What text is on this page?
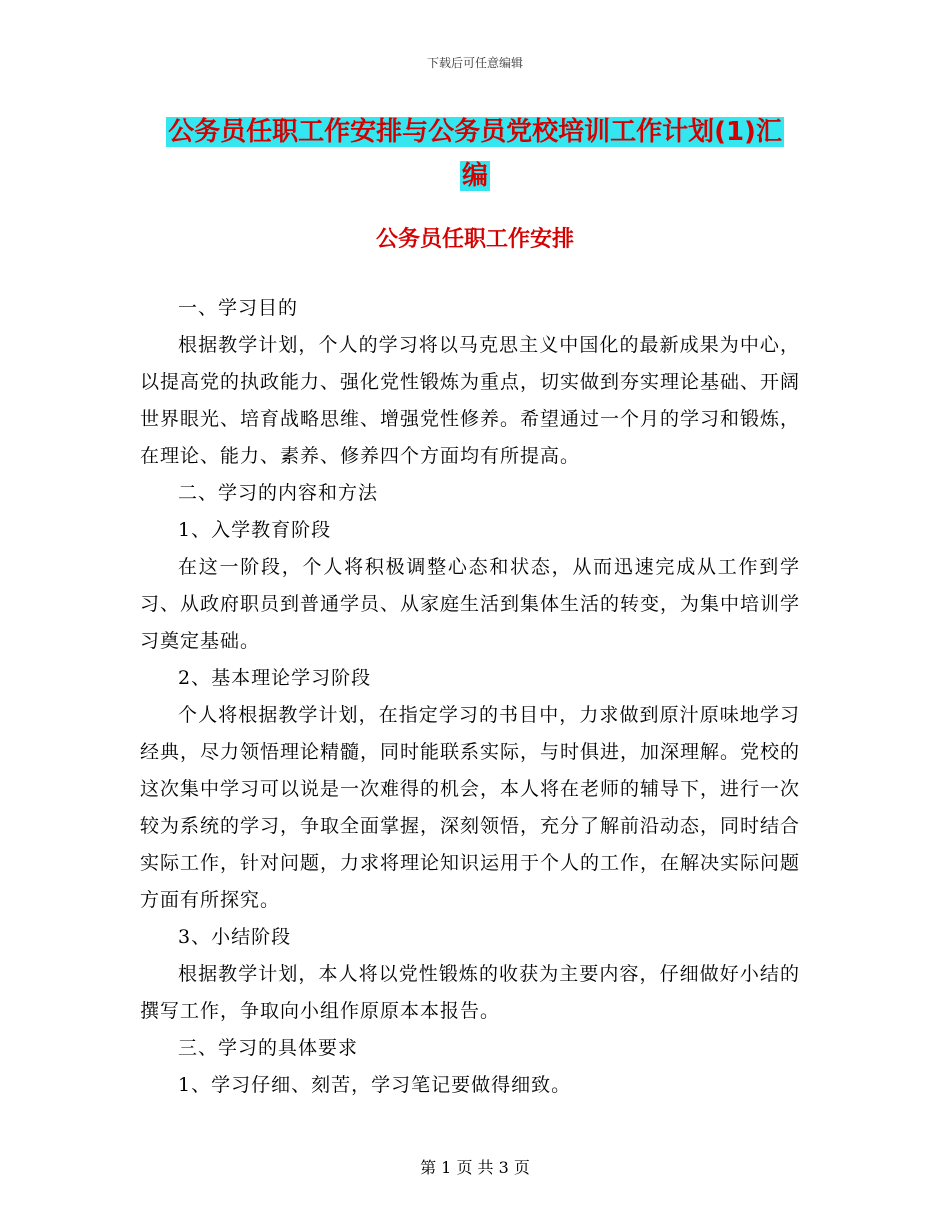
下载后可任意编辑
公务员任职工作安排与公务员党校培训工作计划(1)汇
编
公务员任职工作安排

一、学习目的

根据教学计划，个人的学习将以马克思主义中国化的最新成果为中心，以提高党的执政能力、强化党性锻炼为重点，切实做到夯实理论基础、开阔世界眼光、培育战略思维、增强党性修养。希望通过一个月的学习和锻炼，在理论、能力、素养、修养四个方面均有所提高。

二、学习的内容和方法

1、入学教育阶段

在这一阶段，个人将积极调整心态和状态，从而迅速完成从工作到学习、从政府职员到普通学员、从家庭生活到集体生活的转变，为集中培训学习奠定基础。

2、基本理论学习阶段

个人将根据教学计划，在指定学习的书目中，力求做到原汁原味地学习经典，尽力领悟理论精髓，同时能联系实际，与时俱进，加深理解。党校的这次集中学习可以说是一次难得的机会，本人将在老师的辅导下，进行一次较为系统的学习，争取全面掌握，深刻领悟，充分了解前沿动态，同时结合实际工作，针对问题，力求将理论知识运用于个人的工作，在解决实际问题方面有所探究。

3、小结阶段

根据教学计划，本人将以党性锻炼的收获为主要内容，仔细做好小结的撰写工作，争取向小组作原原本本报告。

三、学习的具体要求

1、学习仔细、刻苦，学习笔记要做得细致。

第 1 页 共 3 页
